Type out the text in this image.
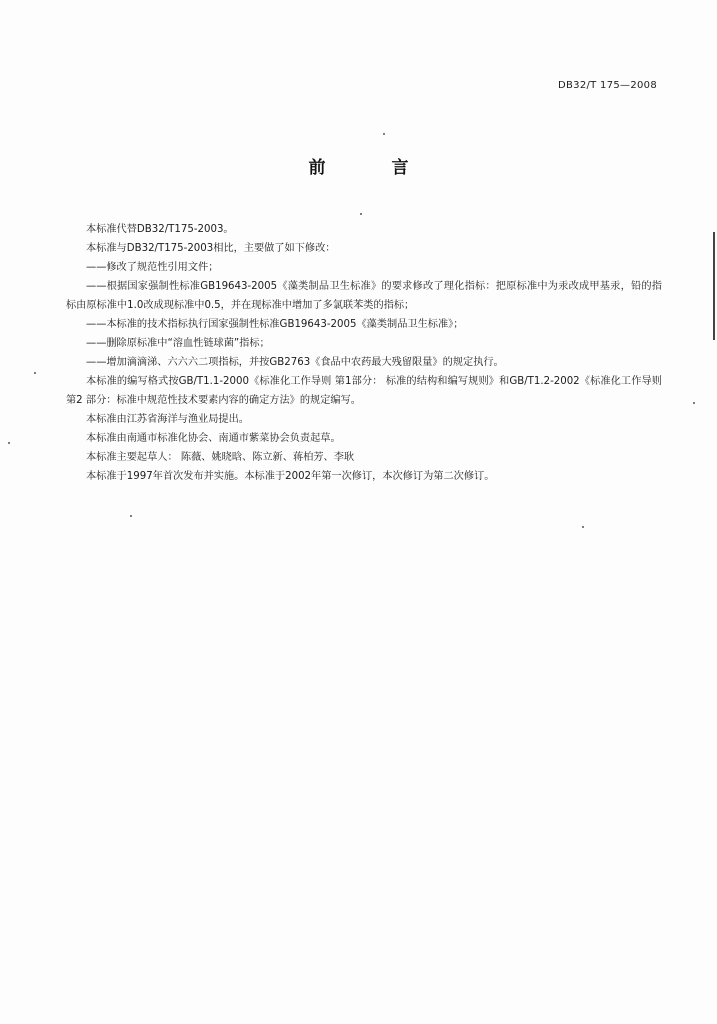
DB32/T 175—2008
前 言

本标准代替DB32/T175-2003。

本标准与DB32/T175-2003相比，主要做了如下修改：

——修改了规范性引用文件；

——根据国家强制性标准GB19643-2005《藻类制品卫生标准》的要求修改了理化指标：把原标准中为汞改成甲基汞，铅的指标由原标准中1.0改成现标准中0.5，并在现标准中增加了多氯联苯类的指标；

——本标准的技术指标执行国家强制性标准GB19643-2005《藻类制品卫生标准》；

——删除原标准中“溶血性链球菌”指标；

——增加滴滴涕、六六六二项指标，并按GB2763《食品中农药最大残留限量》的规定执行。

本标准的编写格式按GB/T1.1-2000《标准化工作导则 第1部分： 标准的结构和编写规则》和GB/T1.2-2002《标准化工作导则 第2 部分：标准中规范性技术要素内容的确定方法》的规定编写。

本标准由江苏省海洋与渔业局提出。

本标准由南通市标准化协会、南通市紫菜协会负责起草。

本标准主要起草人： 陈薇、姚晓晗、陈立新、蒋柏芳、李耿

本标准于1997年首次发布并实施。本标准于2002年第一次修订，本次修订为第二次修订。
